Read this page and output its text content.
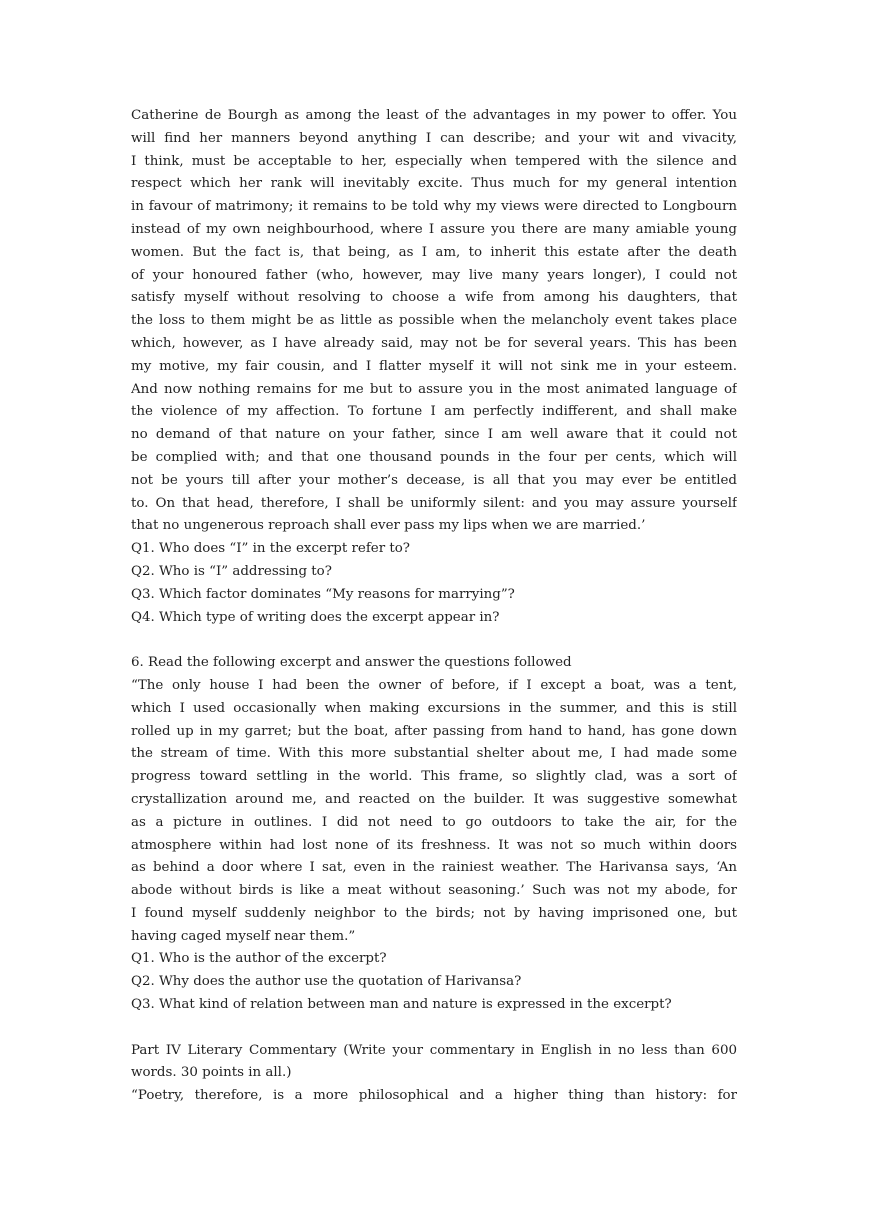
Catherine de Bourgh as among the least of the advantages in my power to offer. You
will find her manners beyond anything I can describe; and your wit and vivacity,
I think, must be acceptable to her, especially when tempered with the silence and
respect which her rank will inevitably excite. Thus much for my general intention
in favour of matrimony; it remains to be told why my views were directed to Longbourn
instead of my own neighbourhood, where I assure you there are many amiable young
women. But the fact is, that being, as I am, to inherit this estate after the death
of your honoured father (who, however, may live many years longer), I could not
satisfy myself without resolving to choose a wife from among his daughters, that
the loss to them might be as little as possible when the melancholy event takes place
which, however, as I have already said, may not be for several years. This has been
my motive, my fair cousin, and I flatter myself it will not sink me in your esteem.
And now nothing remains for me but to assure you in the most animated language of
the violence of my affection. To fortune I am perfectly indifferent, and shall make
no demand of that nature on your father, since I am well aware that it could not
be complied with; and that one thousand pounds in the four per cents, which will
not be yours till after your mother’s decease, is all that you may ever be entitled
to. On that head, therefore, I shall be uniformly silent: and you may assure yourself
that no ungenerous reproach shall ever pass my lips when we are married.’
Q1. Who does “I” in the excerpt refer to?
Q2. Who is “I” addressing to?
Q3. Which factor dominates “My reasons for marrying”?
Q4. Which type of writing does the excerpt appear in?
6. Read the following excerpt and answer the questions followed
“The only house I had been the owner of before, if I except a boat, was a tent,
which I used occasionally when making excursions in the summer, and this is still
rolled up in my garret; but the boat, after passing from hand to hand, has gone down
the stream of time. With this more substantial shelter about me, I had made some
progress toward settling in the world. This frame, so slightly clad, was a sort of
crystallization around me, and reacted on the builder. It was suggestive somewhat
as a picture in outlines. I did not need to go outdoors to take the air, for the
atmosphere within had lost none of its freshness. It was not so much within doors
as behind a door where I sat, even in the rainiest weather. The Harivansa says, ‘An
abode without birds is like a meat without seasoning.’ Such was not my abode, for
I found myself suddenly neighbor to the birds; not by having imprisoned one, but
having caged myself near them.”
Q1. Who is the author of the excerpt?
Q2. Why does the author use the quotation of Harivansa?
Q3. What kind of relation between man and nature is expressed in the excerpt?
Part IV Literary Commentary (Write your commentary in English in no less than 600
words. 30 points in all.)
“Poetry, therefore, is a more philosophical and a higher thing than history: for
